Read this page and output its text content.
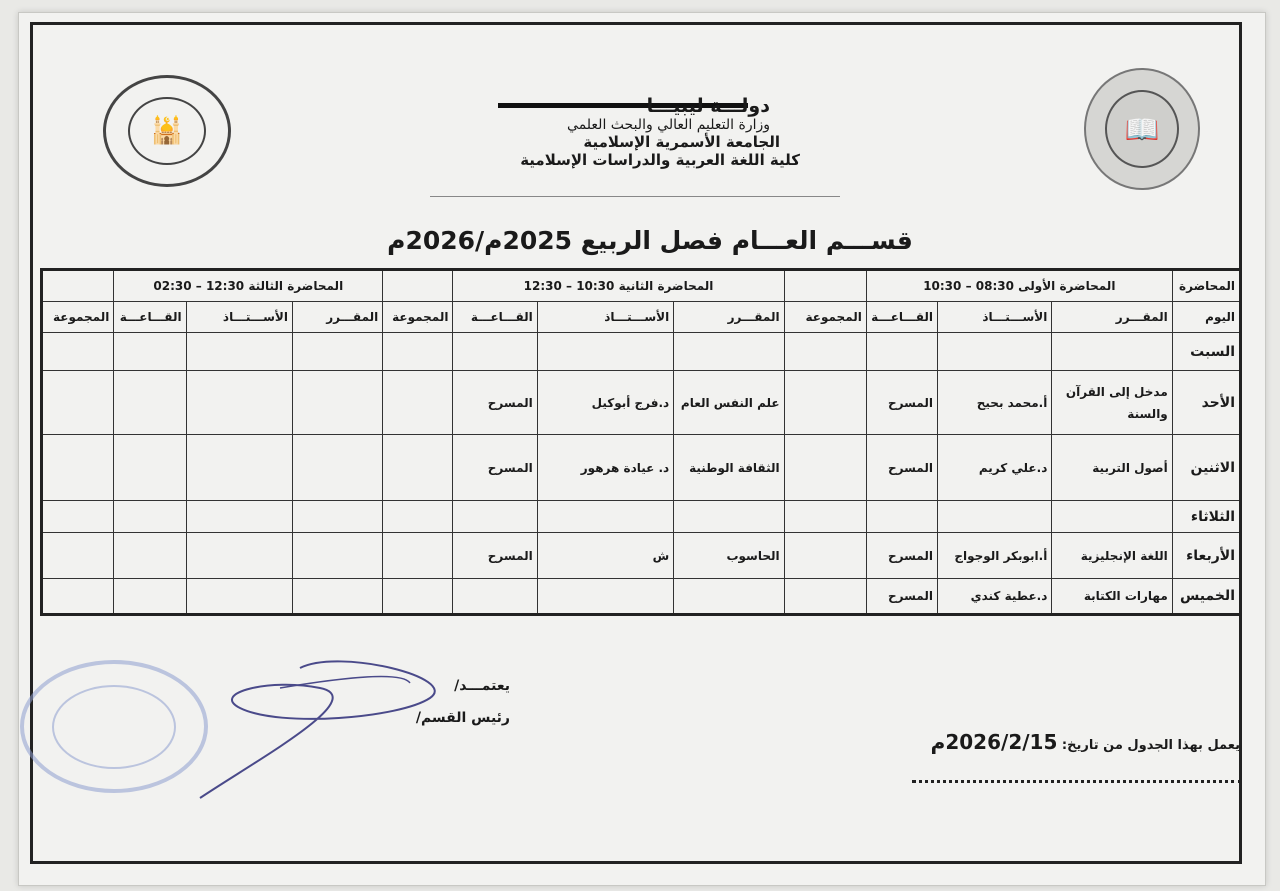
🕌	📖
دولـــة ليبيـــا
وزارة التعليم العالي والبحث العلمي
الجامعة الأسمرية الإسلامية
كلية اللغة العربية والدراسات الإسلامية
قســـم العـــام فصل الربيع 2025م/2026م
المحاضرة	المحاضرة الأولى 08:30 – 10:30				المحاضرة الثانية 10:30 – 12:30				المحاضرة الثالثة 12:30 – 02:30			
اليوم	المقـــرر	الأســـتـــاذ	القـــاعـــة	المجموعة	المقـــرر	الأســـتـــاذ	القـــاعـــة	المجموعة	المقـــرر	الأســـتـــاذ	القـــاعـــة	المجموعة
السبت												
الأحد	مدخل إلى القرآن والسنة	أ.محمد بحيح	المسرح		علم النفس العام	د.فرج أبوكيل	المسرح					
الاثنين	أصول التربية	د.علي كريم	المسرح		الثقافة الوطنية	د. عيادة هرهور	المسرح					
الثلاثاء												
الأربعاء	اللغة الإنجليزية	أ.ابوبكر الوجواج	المسرح		الحاسوب	ش	المسرح					
الخميس	مهارات الكتابة	د.عطية كندي	المسرح									
يعمل بهذا الجدول من تاريخ: 2026/2/15م
يعتمـــد/
رئيس القسم/
